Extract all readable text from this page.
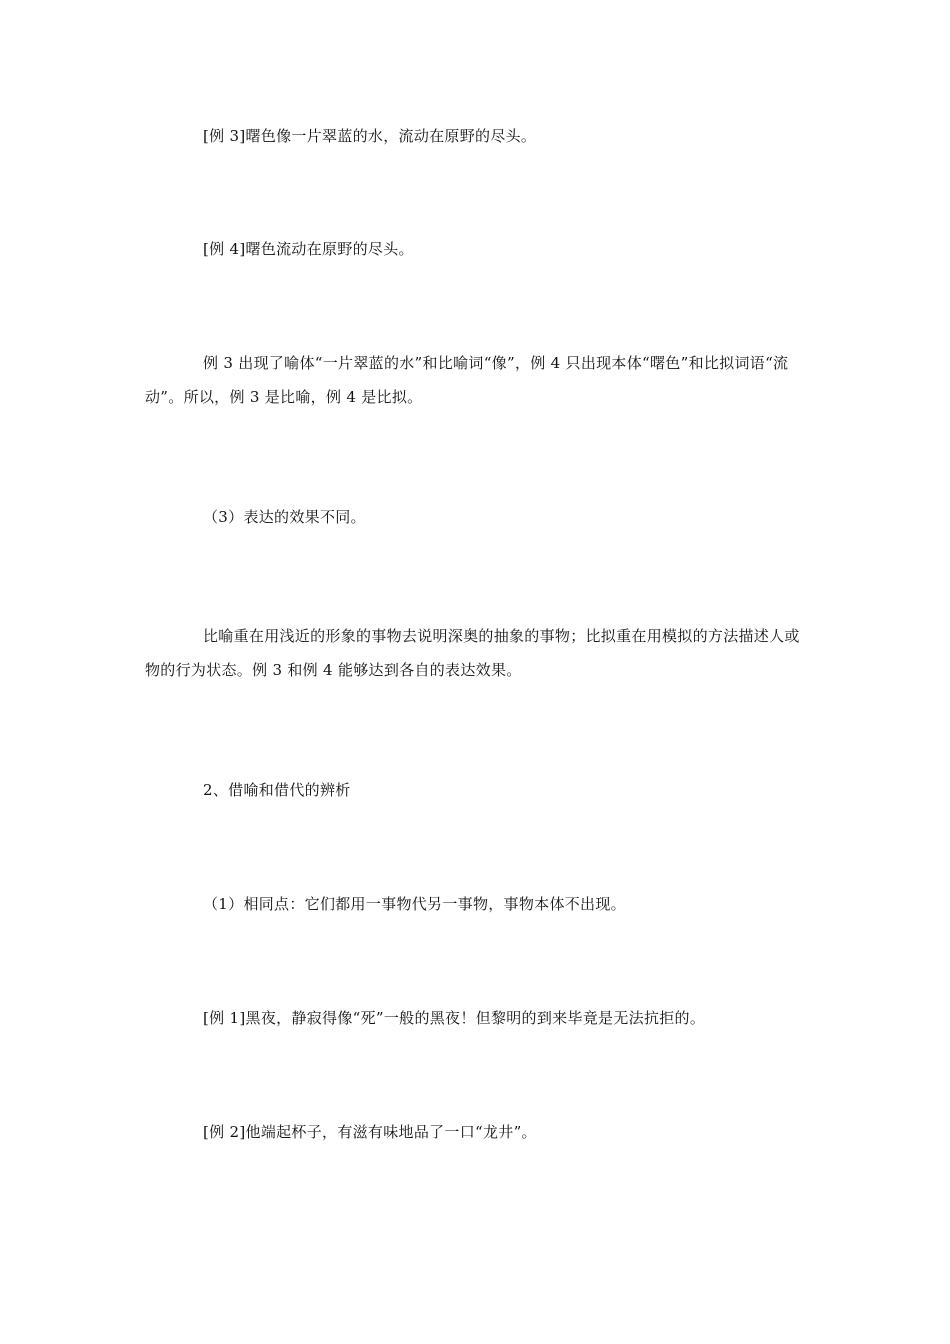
[例 3]曙色像一片翠蓝的水，流动在原野的尽头。

[例 4]曙色流动在原野的尽头。

例 3 出现了喻体“一片翠蓝的水”和比喻词“像”，例 4 只出现本体“曙色”和比拟词语“流动”。所以，例 3 是比喻，例 4 是比拟。

（3）表达的效果不同。

比喻重在用浅近的形象的事物去说明深奥的抽象的事物；比拟重在用模拟的方法描述人或物的行为状态。例 3 和例 4 能够达到各自的表达效果。

2、借喻和借代的辨析

（1）相同点：它们都用一事物代另一事物，事物本体不出现。

[例 1]黑夜，静寂得像“死”一般的黑夜！但黎明的到来毕竟是无法抗拒的。

[例 2]他端起杯子，有滋有味地品了一口“龙井”。
